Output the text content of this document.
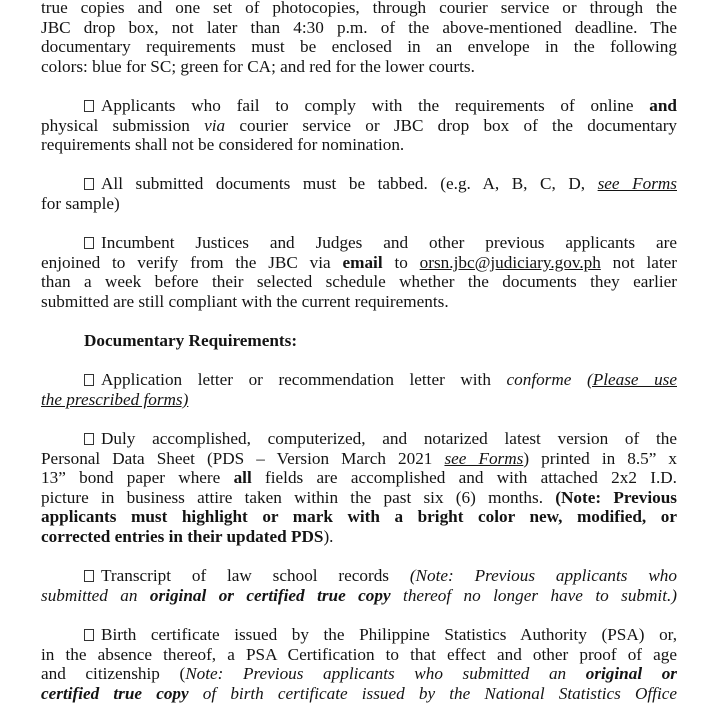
true copies and one set of photocopies, through courier service or through the
JBC drop box, not later than 4:30 p.m. of the above-mentioned deadline. The
documentary requirements must be enclosed in an envelope in the following
colors: blue for SC; green for CA; and red for the lower courts.
Applicants who fail to comply with the requirements of online and
physical submission via courier service or JBC drop box of the documentary
requirements shall not be considered for nomination.
All submitted documents must be tabbed. (e.g. A, B, C, D, see Forms
for sample)
Incumbent Justices and Judges and other previous applicants are
enjoined to verify from the JBC via email to orsn.jbc@judiciary.gov.ph not later
than a week before their selected schedule whether the documents they earlier
submitted are still compliant with the current requirements.
Documentary Requirements:
Application letter or recommendation letter with conforme (Please use
the prescribed forms)
Duly accomplished, computerized, and notarized latest version of the
Personal Data Sheet (PDS – Version March 2021 see Forms) printed in 8.5” x
13” bond paper where all fields are accomplished and with attached 2x2 I.D.
picture in business attire taken within the past six (6) months. (Note: Previous
applicants must highlight or mark with a bright color new, modified, or
corrected entries in their updated PDS).
Transcript of law school records (Note: Previous applicants who
submitted an original or certified true copy thereof no longer have to submit.)
Birth certificate issued by the Philippine Statistics Authority (PSA) or,
in the absence thereof, a PSA Certification to that effect and other proof of age
and citizenship (Note: Previous applicants who submitted an original or
certified true copy of birth certificate issued by the National Statistics Office
